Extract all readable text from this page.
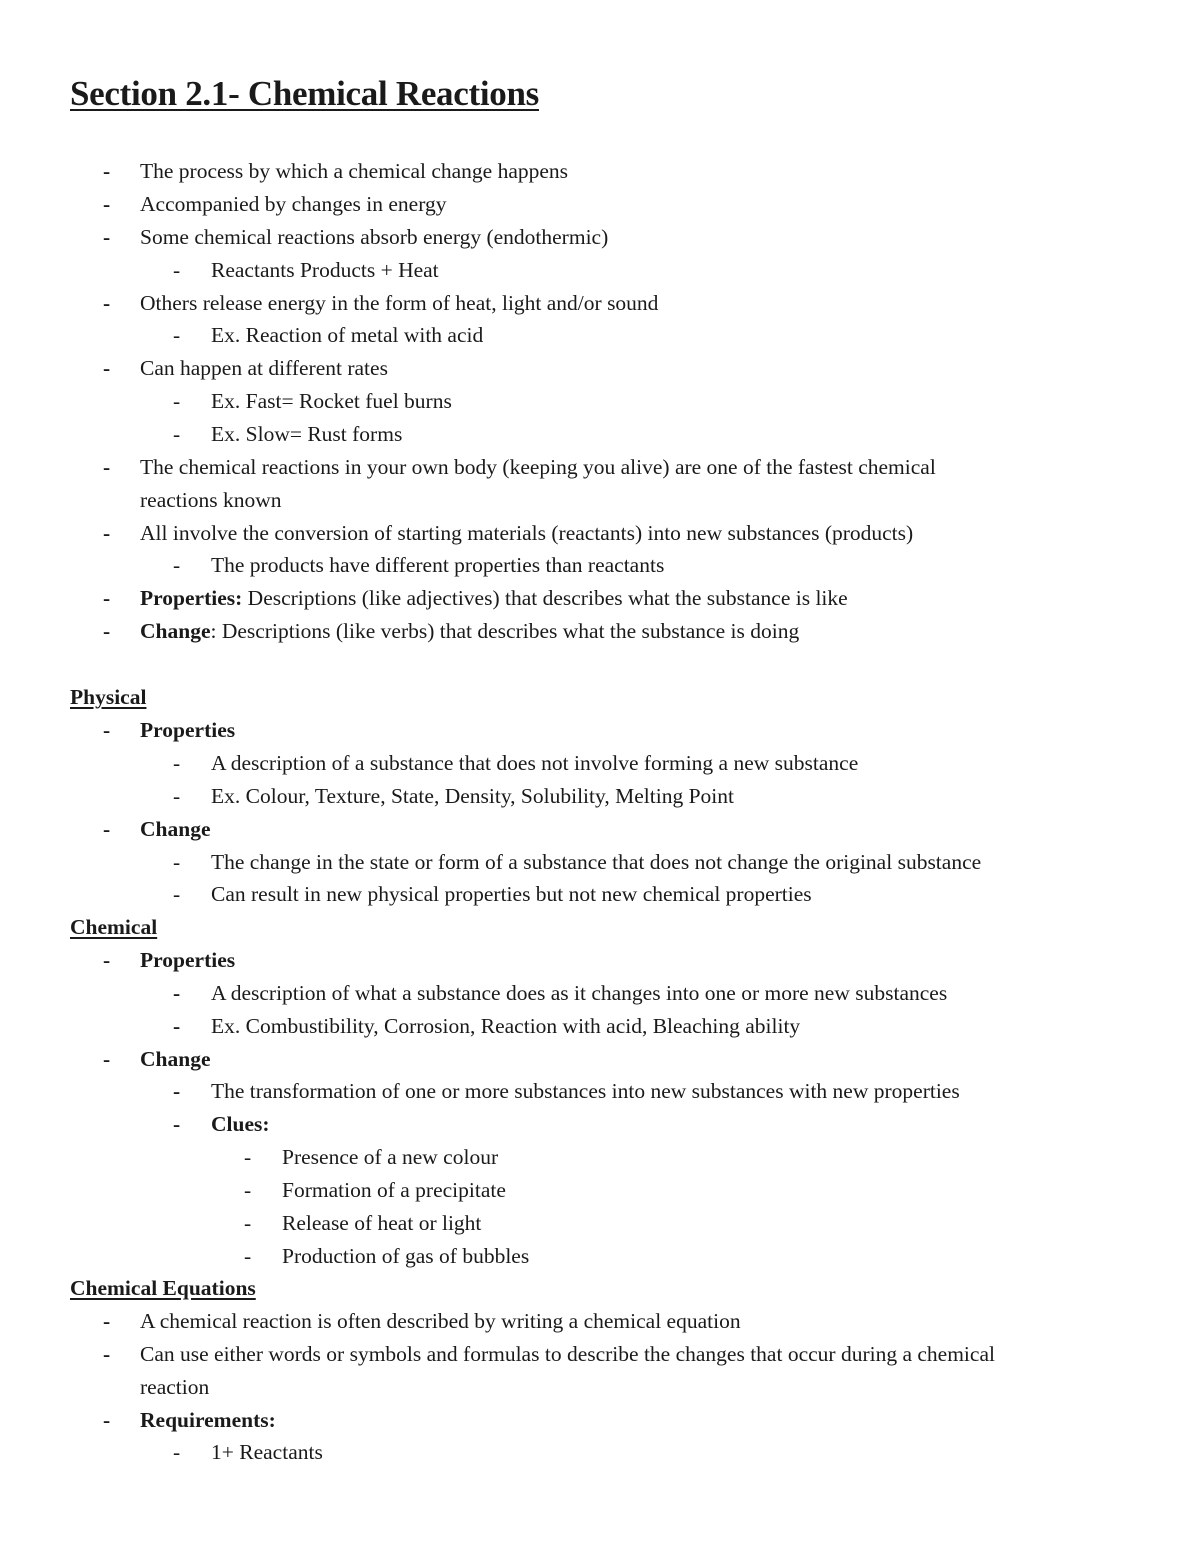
Section 2.1- Chemical Reactions
- The process by which a chemical change happens
- Accompanied by changes in energy
- Some chemical reactions absorb energy (endothermic)
- Reactants Products + Heat
- Others release energy in the form of heat, light and/or sound
- Ex. Reaction of metal with acid
- Can happen at different rates
- Ex. Fast= Rocket fuel burns
- Ex. Slow= Rust forms
- The chemical reactions in your own body (keeping you alive) are one of the fastest chemical
reactions known
- All involve the conversion of starting materials (reactants) into new substances (products)
- The products have different properties than reactants
- Properties: Descriptions (like adjectives) that describes what the substance is like
- Change: Descriptions (like verbs) that describes what the substance is doing
Physical
- Properties
- A description of a substance that does not involve forming a new substance
- Ex. Colour, Texture, State, Density, Solubility, Melting Point
- Change
- The change in the state or form of a substance that does not change the original substance
- Can result in new physical properties but not new chemical properties
Chemical
- Properties
- A description of what a substance does as it changes into one or more new substances
- Ex. Combustibility, Corrosion, Reaction with acid, Bleaching ability
- Change
- The transformation of one or more substances into new substances with new properties
- Clues:
- Presence of a new colour
- Formation of a precipitate
- Release of heat or light
- Production of gas of bubbles
Chemical Equations
- A chemical reaction is often described by writing a chemical equation
- Can use either words or symbols and formulas to describe the changes that occur during a chemical
reaction
- Requirements:
- 1+ Reactants
